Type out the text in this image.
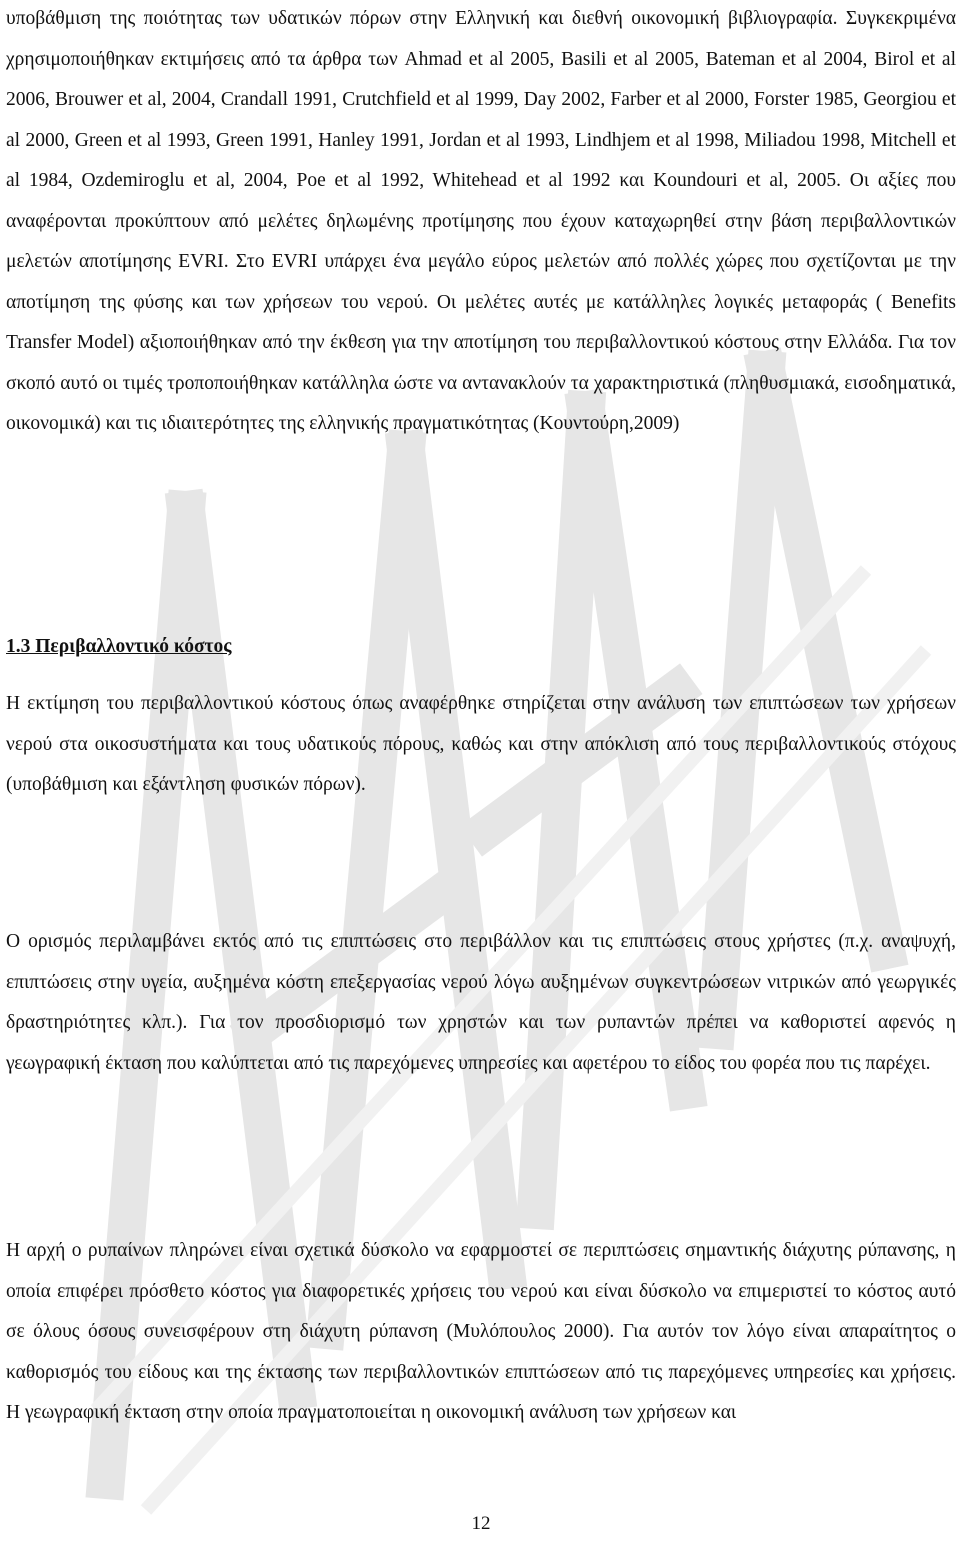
υποβάθμιση της ποιότητας των υδατικών πόρων στην Ελληνική και διεθνή οικονομική βιβλιογραφία. Συγκεκριμένα χρησιμοποιήθηκαν εκτιμήσεις από τα άρθρα των Ahmad et al 2005, Basili et al 2005, Bateman et al 2004, Birol et al 2006, Brouwer et al, 2004, Crandall 1991, Crutchfield et al 1999, Day 2002, Farber et al 2000, Forster 1985, Georgiou et al 2000, Green et al 1993, Green 1991, Hanley 1991, Jordan et al 1993, Lindhjem et al 1998, Miliadou 1998, Mitchell et al 1984, Ozdemiroglu et al, 2004, Poe et al 1992, Whitehead et al 1992 και Koundouri et al, 2005. Οι αξίες που αναφέρονται προκύπτουν από μελέτες δηλωμένης προτίμησης που έχουν καταχωρηθεί στην βάση περιβαλλοντικών μελετών αποτίμησης EVRI. Στο EVRI υπάρχει ένα μεγάλο εύρος μελετών από πολλές χώρες που σχετίζονται με την αποτίμηση της φύσης και των χρήσεων του νερού. Οι μελέτες αυτές με κατάλληλες λογικές μεταφοράς ( Benefits Transfer Model) αξιοποιήθηκαν από την έκθεση για την αποτίμηση του περιβαλλοντικού κόστους στην Ελλάδα. Για τον σκοπό αυτό οι τιμές τροποποιήθηκαν κατάλληλα ώστε να αντανακλούν τα χαρακτηριστικά (πληθυσμιακά, εισοδηματικά, οικονομικά) και τις ιδιαιτερότητες της ελληνικής πραγματικότητας (Κουντούρη,2009)

1.3 Περιβαλλοντικό κόστος

Η εκτίμηση του περιβαλλοντικού κόστους όπως αναφέρθηκε στηρίζεται στην ανάλυση των επιπτώσεων των χρήσεων νερού στα οικοσυστήματα και τους υδατικούς πόρους, καθώς και στην απόκλιση από τους περιβαλλοντικούς στόχους (υποβάθμιση και εξάντληση φυσικών πόρων).

Ο ορισμός περιλαμβάνει εκτός από τις επιπτώσεις στο περιβάλλον και τις επιπτώσεις στους χρήστες (π.χ. αναψυχή, επιπτώσεις στην υγεία, αυξημένα κόστη επεξεργασίας νερού λόγω αυξημένων συγκεντρώσεων νιτρικών από γεωργικές δραστηριότητες κλπ.). Για τον προσδιορισμό των χρηστών και των ρυπαντών πρέπει να καθοριστεί αφενός η γεωγραφική έκταση που καλύπτεται από τις παρεχόμενες υπηρεσίες και αφετέρου το είδος του φορέα που τις παρέχει.

Η αρχή ο ρυπαίνων πληρώνει είναι σχετικά δύσκολο να εφαρμοστεί σε περιπτώσεις σημαντικής διάχυτης ρύπανσης, η οποία επιφέρει πρόσθετο κόστος για διαφορετικές χρήσεις του νερού και είναι δύσκολο να επιμεριστεί το κόστος αυτό σε όλους όσους συνεισφέρουν στη διάχυτη ρύπανση (Μυλόπουλος 2000). Για αυτόν τον λόγο είναι απαραίτητος ο καθορισμός του είδους και της έκτασης των περιβαλλοντικών επιπτώσεων από τις παρεχόμενες υπηρεσίες και χρήσεις. Η γεωγραφική έκταση στην οποία πραγματοποιείται η οικονομική ανάλυση των χρήσεων και

12
